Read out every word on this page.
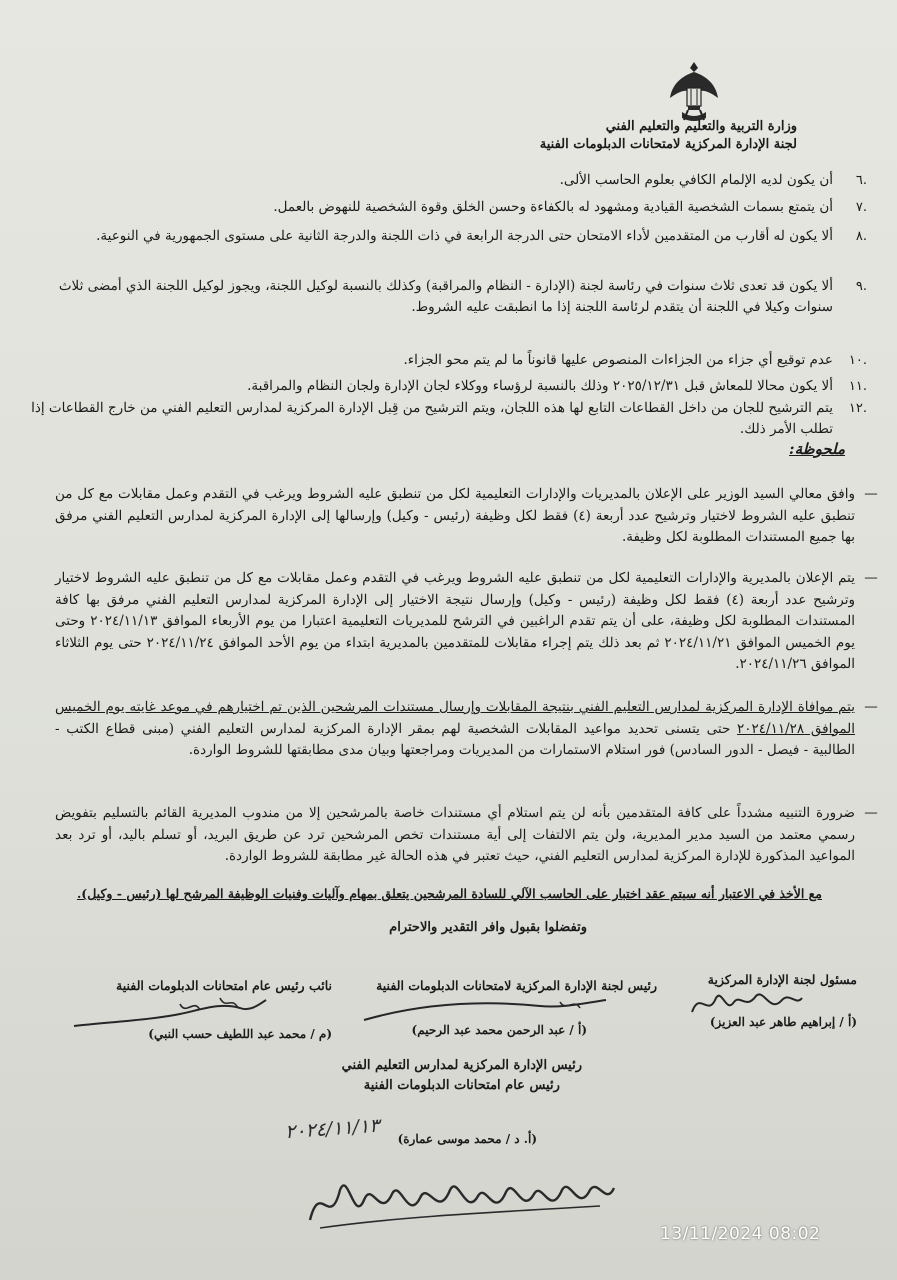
وزارة التربية والتعليم والتعليم الفني
لجنة الإدارة المركزية لامتحانات الدبلومات الفنية
.٦
أن يكون لديه الإلمام الكافي بعلوم الحاسب الألى.
.٧
أن يتمتع بسمات الشخصية القيادية ومشهود له بالكفاءة وحسن الخلق وقوة الشخصية للنهوض بالعمل.
.٨
ألا يكون له أقارب من المتقدمين لأداء الامتحان حتى الدرجة الرابعة في ذات اللجنة والدرجة الثانية على مستوى الجمهورية في النوعية.
.٩
ألا يكون قد تعدى ثلاث سنوات في رئاسة لجنة (الإدارة - النظام والمراقبة) وكذلك بالنسبة لوكيل اللجنة، ويجوز لوكيل اللجنة الذي أمضى ثلاث سنوات وكيلا في اللجنة أن يتقدم لرئاسة اللجنة إذا ما انطبقت عليه الشروط.
.١٠
عدم توقيع أي جزاء من الجزاءات المنصوص عليها قانوناً ما لم يتم محو الجزاء.
.١١
ألا يكون محالا للمعاش قبل ٢٠٢٥/١٢/٣١ وذلك بالنسبة لرؤساء ووكلاء لجان الإدارة ولجان النظام والمراقبة.
.١٢
يتم الترشيح للجان من داخل القطاعات التابع لها هذه اللجان، ويتم الترشيح من قِبل الإدارة المركزية لمدارس التعليم الفني من خارج القطاعات إذا تطلب الأمر ذلك.
ملحوظة:
—
وافق معالي السيد الوزير على الإعلان بالمديريات والإدارات التعليمية لكل من تنطبق عليه الشروط ويرغب في التقدم وعمل مقابلات مع كل من تنطبق عليه الشروط لاختيار وترشيح عدد أربعة (٤) فقط لكل وظيفة (رئيس - وكيل) وإرسالها إلى الإدارة المركزية لمدارس التعليم الفني مرفق بها جميع المستندات المطلوبة لكل وظيفة.
—
يتم الإعلان بالمديرية والإدارات التعليمية لكل من تنطبق عليه الشروط ويرغب في التقدم وعمل مقابلات مع كل من تنطبق عليه الشروط لاختيار وترشيح عدد أربعة (٤) فقط لكل وظيفة (رئيس - وكيل) وإرسال نتيجة الاختيار إلى الإدارة المركزية لمدارس التعليم الفني مرفق بها كافة المستندات المطلوبة لكل وظيفة، على أن يتم تقدم الراغبين في الترشح للمديريات التعليمية اعتبارا من يوم الأربعاء الموافق ٢٠٢٤/١١/١٣ وحتى يوم الخميس الموافق ٢٠٢٤/١١/٢١ ثم بعد ذلك يتم إجراء مقابلات للمتقدمين بالمديرية ابتداء من يوم الأحد الموافق ٢٠٢٤/١١/٢٤ حتى يوم الثلاثاء الموافق ٢٠٢٤/١١/٢٦.
—
يتم موافاة الإدارة المركزية لمدارس التعليم الفني بنتيجة المقابلات وإرسال مستندات المرشحين الذين تم اختيارهم في موعد غايته يوم الخميس الموافق ٢٠٢٤/١١/٢٨ حتى يتسنى تحديد مواعيد المقابلات الشخصية لهم بمقر الإدارة المركزية لمدارس التعليم الفني (مبنى قطاع الكتب - الطالبية - فيصل - الدور السادس) فور استلام الاستمارات من المديريات ومراجعتها وبيان مدى مطابقتها للشروط الواردة.
—
ضرورة التنبيه مشدداً على كافة المتقدمين بأنه لن يتم استلام أي مستندات خاصة بالمرشحين إلا من مندوب المديرية القائم بالتسليم بتفويض رسمي معتمد من السيد مدير المديرية، ولن يتم الالتفات إلى أية مستندات تخص المرشحين ترد عن طريق البريد، أو تسلم باليد، أو ترد بعد المواعيد المذكورة للإدارة المركزية لمدارس التعليم الفني، حيث تعتبر في هذه الحالة غير مطابقة للشروط الواردة.
مع الأخذ في الاعتبار أنه سيتم عقد اختبار على الحاسب الآلي للسادة المرشحين يتعلق بمهام وآليات وفنيات الوظيفة المرشح لها (رئيس - وكيل).
وتفضلوا بقبول وافر التقدير والاحترام
مسئول لجنة الإدارة المركزية
(أ / إبراهيم طاهر عبد العزيز)
رئيس لجنة الإدارة المركزية لامتحانات الدبلومات الفنية
(أ / عبد الرحمن محمد عبد الرحيم)
نائب رئيس عام امتحانات الدبلومات الفنية
(م / محمد عبد اللطيف حسب النبي)
رئيس الإدارة المركزية لمدارس التعليم الفني
رئيس عام امتحانات الدبلومات الفنية
٢٠٢٤/١١/١٣ (أ. د / محمد موسى عمارة)
13/11/2024 08:02
